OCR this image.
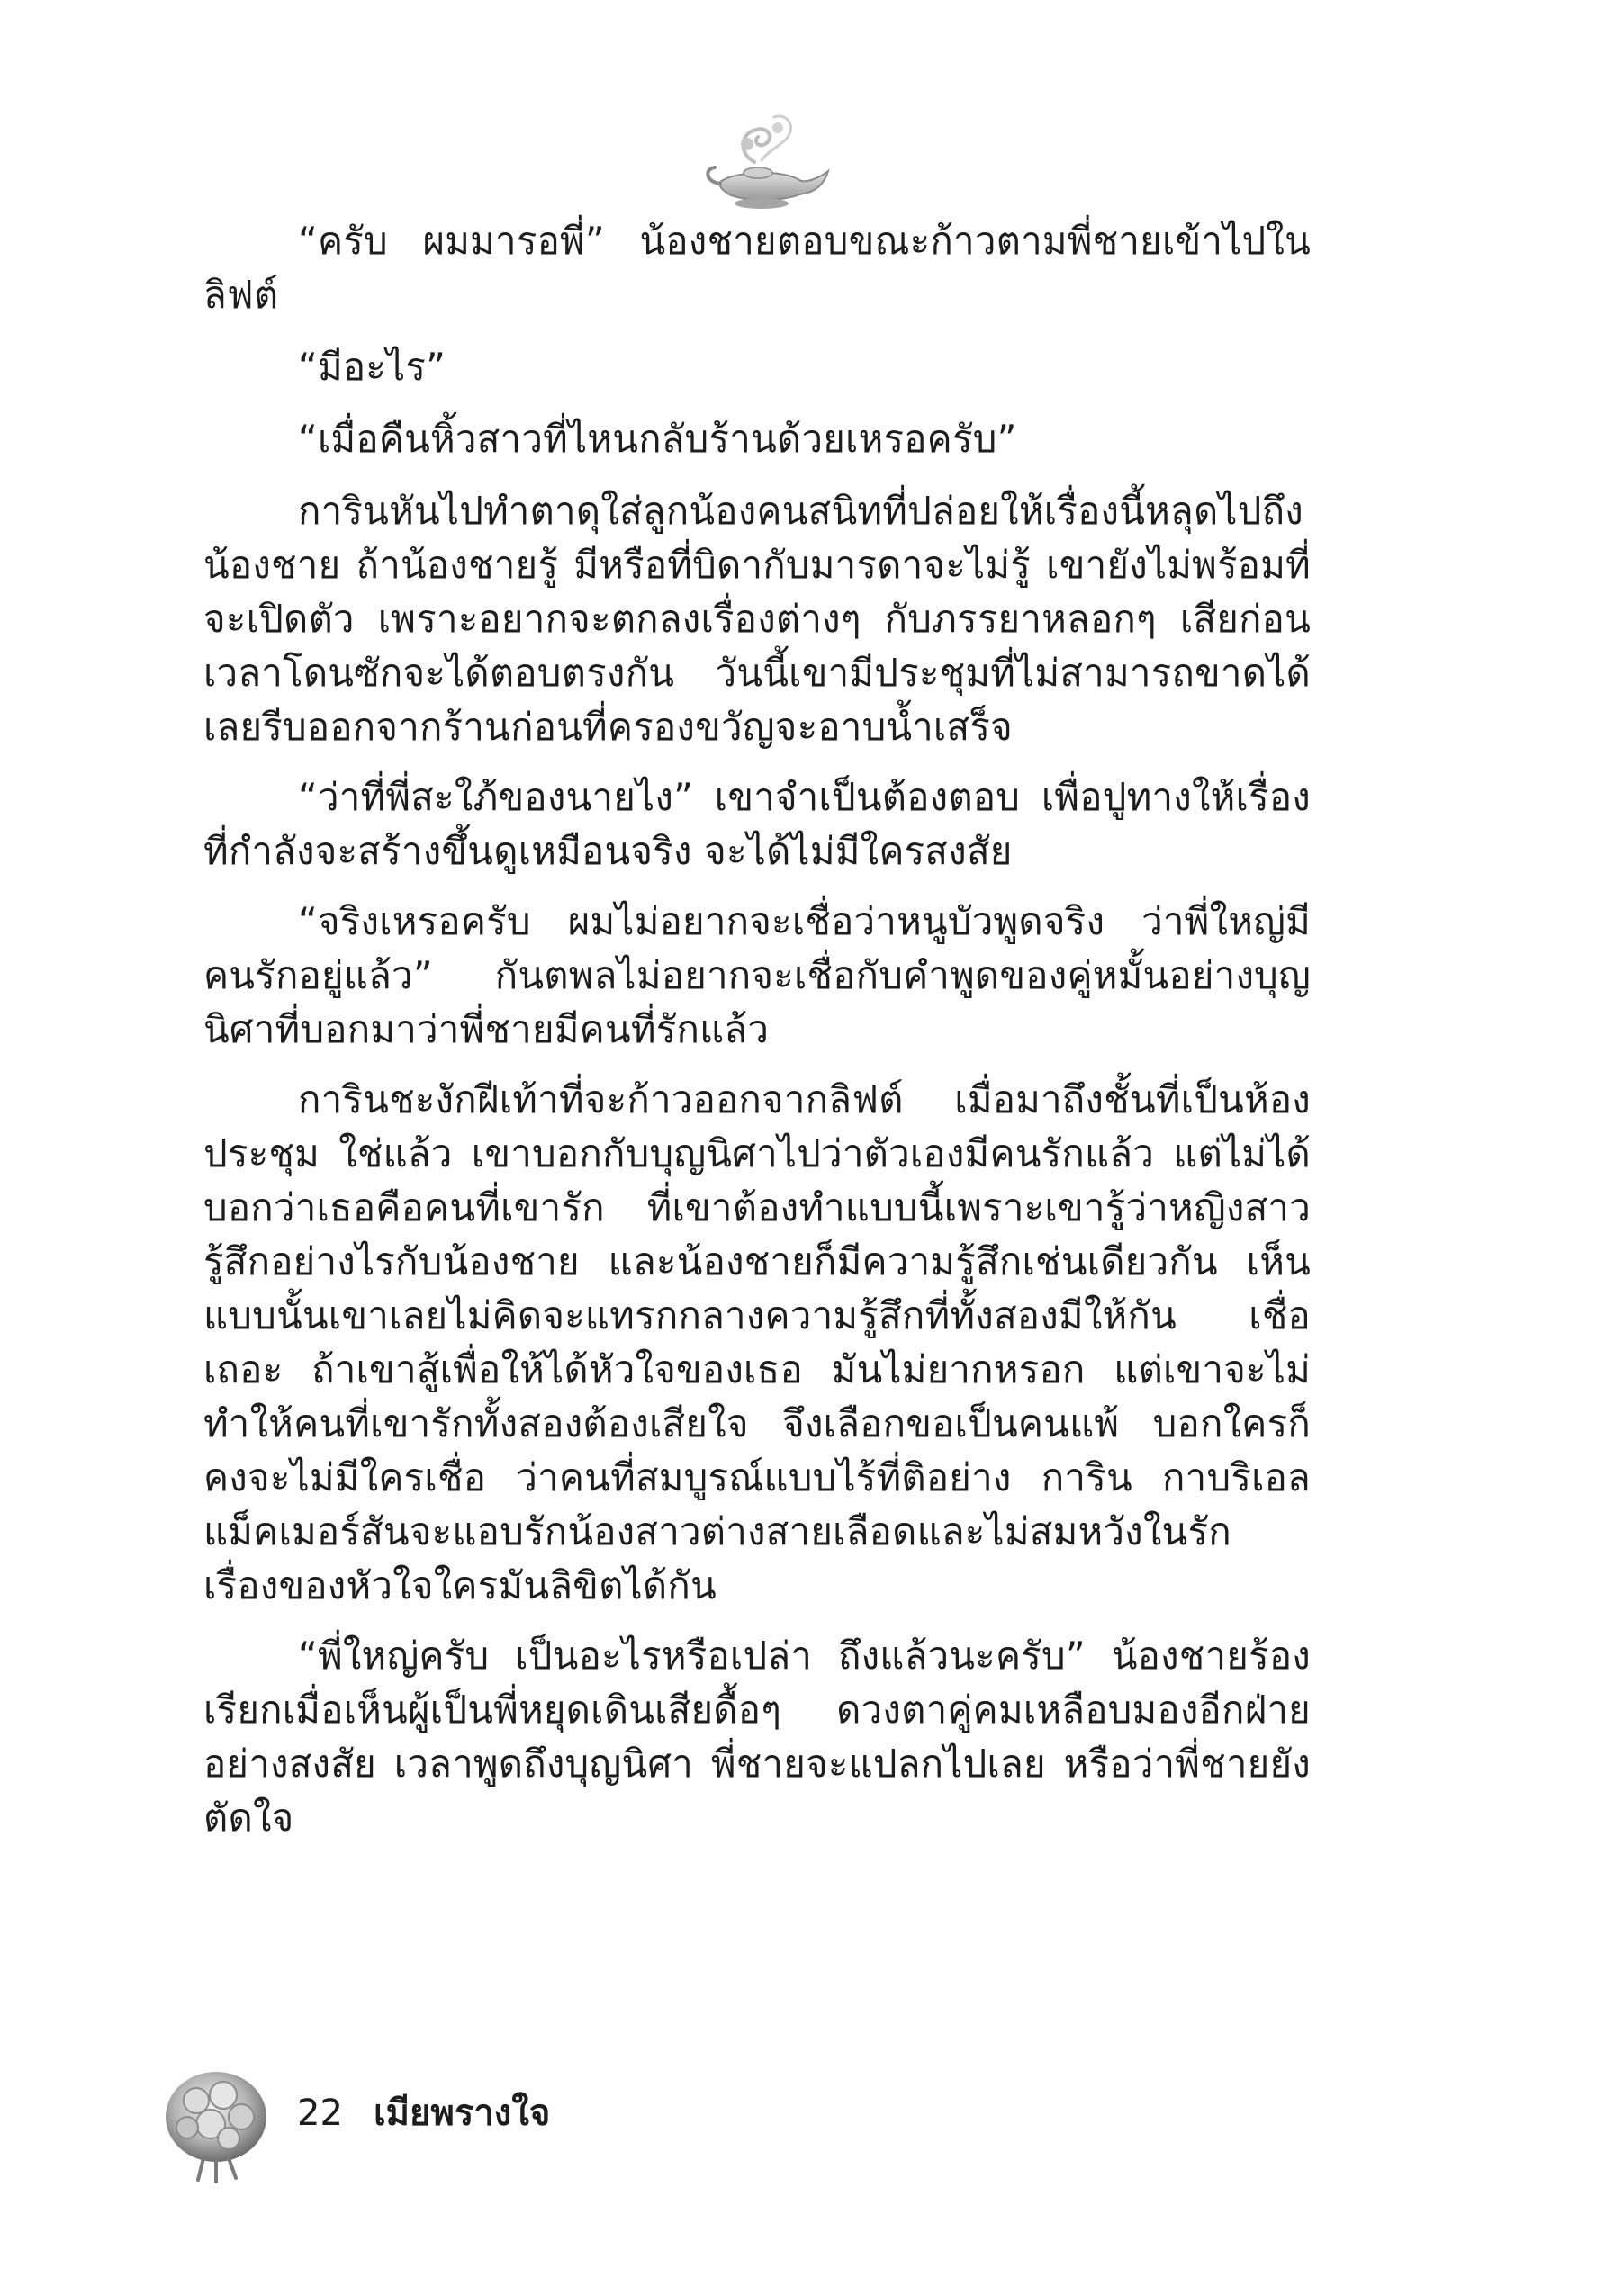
“ครับ ผมมารอพี่” น้องชายตอบขณะก้าวตามพี่ชายเข้าไปในลิฟต์

“มีอะไร”

“เมื่อคืนหิ้วสาวที่ไหนกลับร้านด้วยเหรอครับ”

การินหันไปทำตาดุใส่ลูกน้องคนสนิทที่ปล่อยให้เรื่องนี้หลุดไปถึงน้องชาย ถ้าน้องชายรู้ มีหรือที่บิดากับมารดาจะไม่รู้ เขายังไม่พร้อมที่จะเปิดตัว เพราะอยากจะตกลงเรื่องต่างๆ กับภรรยาหลอกๆ เสียก่อน เวลาโดนซักจะได้ตอบตรงกัน วันนี้เขามีประชุมที่ไม่สามารถขาดได้ เลยรีบออกจากร้านก่อนที่ครองขวัญจะอาบน้ำเสร็จ

“ว่าที่พี่สะใภ้ของนายไง” เขาจำเป็นต้องตอบ เพื่อปูทางให้เรื่องที่กำลังจะสร้างขึ้นดูเหมือนจริง จะได้ไม่มีใครสงสัย

“จริงเหรอครับ ผมไม่อยากจะเชื่อว่าหนูบัวพูดจริง ว่าพี่ใหญ่มีคนรักอยู่แล้ว” กันตพลไม่อยากจะเชื่อกับคำพูดของคู่หมั้นอย่างบุญนิศาที่บอกมาว่าพี่ชายมีคนที่รักแล้ว

การินชะงักฝีเท้าที่จะก้าวออกจากลิฟต์ เมื่อมาถึงชั้นที่เป็นห้องประชุม ใช่แล้ว เขาบอกกับบุญนิศาไปว่าตัวเองมีคนรักแล้ว แต่ไม่ได้บอกว่าเธอคือคนที่เขารัก ที่เขาต้องทำแบบนี้เพราะเขารู้ว่าหญิงสาวรู้สึกอย่างไรกับน้องชาย และน้องชายก็มีความรู้สึกเช่นเดียวกัน เห็นแบบนั้นเขาเลยไม่คิดจะแทรกกลางความรู้สึกที่ทั้งสองมีให้กัน เชื่อเถอะ ถ้าเขาสู้เพื่อให้ได้หัวใจของเธอ มันไม่ยากหรอก แต่เขาจะไม่ทำให้คนที่เขารักทั้งสองต้องเสียใจ จึงเลือกขอเป็นคนแพ้ บอกใครก็คงจะไม่มีใครเชื่อ ว่าคนที่สมบูรณ์แบบไร้ที่ติอย่าง การิน กาบริเอล แม็คเมอร์สันจะแอบรักน้องสาวต่างสายเลือดและไม่สมหวังในรัก เรื่องของหัวใจใครมันลิขิตได้กัน

“พี่ใหญ่ครับ เป็นอะไรหรือเปล่า ถึงแล้วนะครับ” น้องชายร้องเรียกเมื่อเห็นผู้เป็นพี่หยุดเดินเสียดื้อๆ ดวงตาคู่คมเหลือบมองอีกฝ่ายอย่างสงสัย เวลาพูดถึงบุญนิศา พี่ชายจะแปลกไปเลย หรือว่าพี่ชายยังตัดใจ

22 เมียพรางใจ
